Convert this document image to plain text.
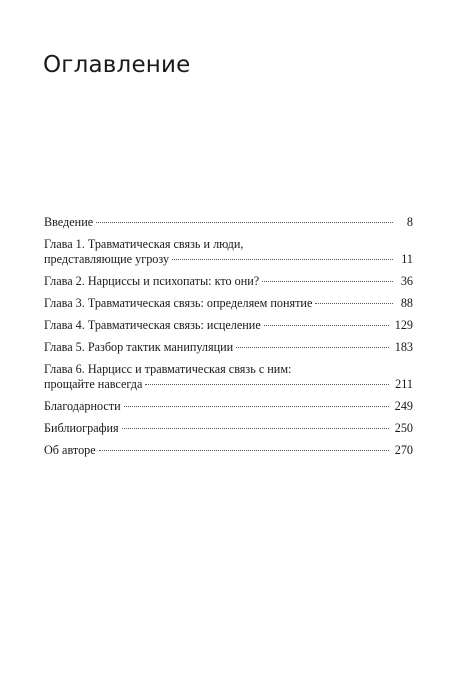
Оглавление
Введение	8
Глава 1. Травматическая связь и люди,
представляющие угрозу	11
Глава 2. Нарциссы и психопаты: кто они?	36
Глава 3. Травматическая связь: определяем понятие	88
Глава 4. Травматическая связь: исцеление	129
Глава 5. Разбор тактик манипуляции	183
Глава 6. Нарцисс и травматическая связь с ним:
прощайте навсегда	211
Благодарности	249
Библиография	250
Об авторе	270
